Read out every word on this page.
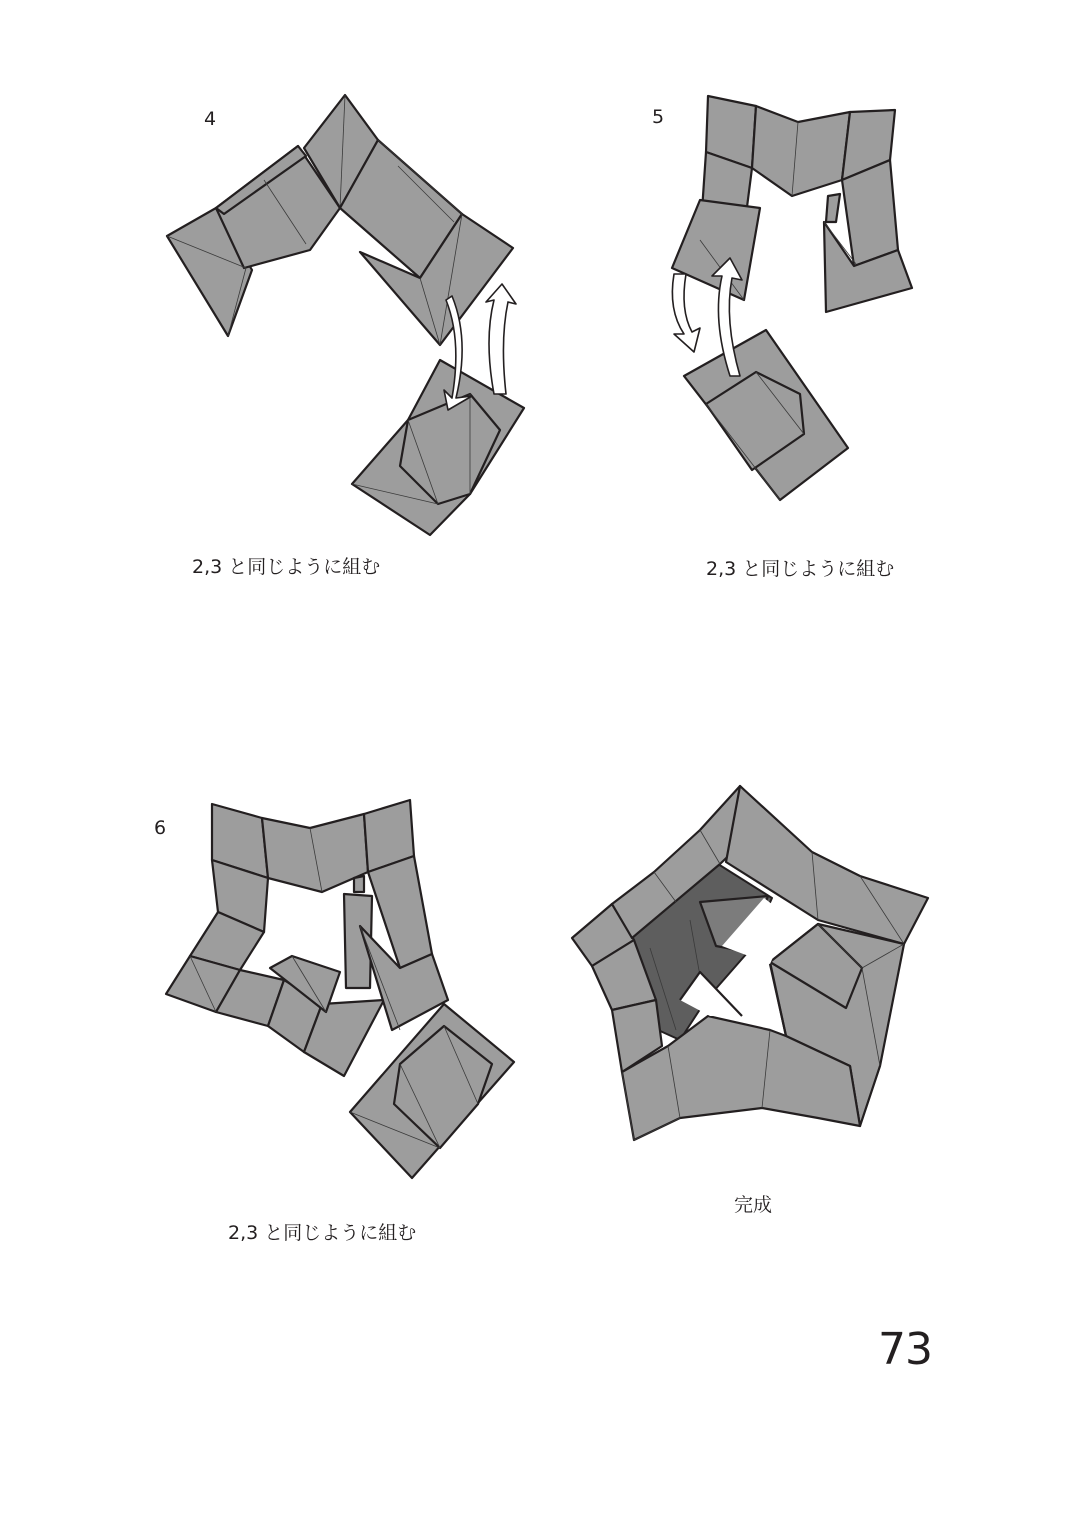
4
2,3 と同じように組む
5
2,3 と同じように組む
6
2,3 と同じように組む
完成
73
